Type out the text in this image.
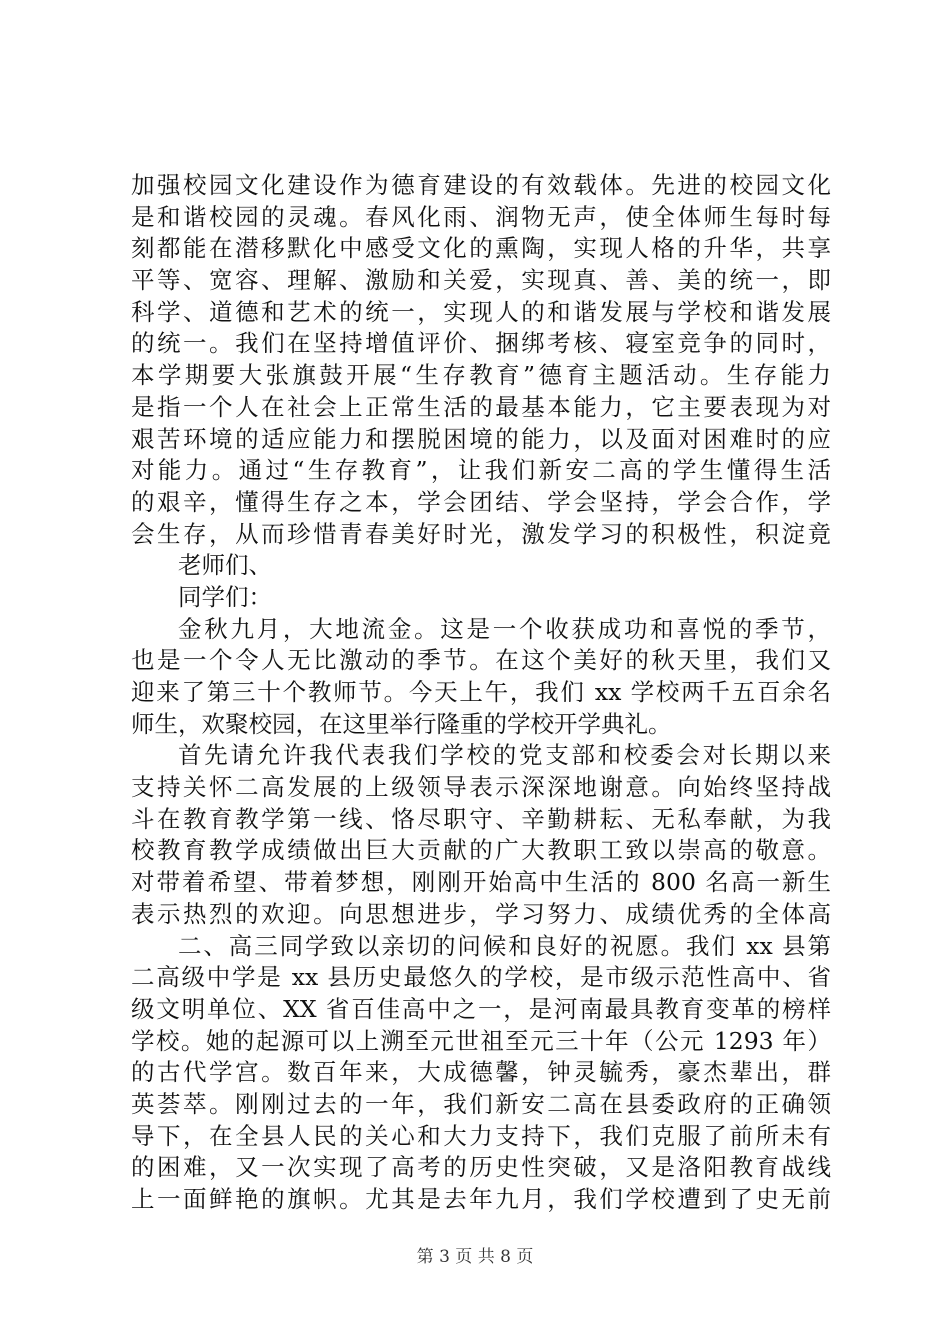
加强校园文化建设作为德育建设的有效载体。先进的校园文化
是和谐校园的灵魂。春风化雨、润物无声，使全体师生每时每
刻都能在潜移默化中感受文化的熏陶，实现人格的升华，共享
平等、宽容、理解、激励和关爱，实现真、善、美的统一，即
科学、道德和艺术的统一，实现人的和谐发展与学校和谐发展
的统一。我们在坚持增值评价、捆绑考核、寝室竞争的同时，
本学期要大张旗鼓开展“生存教育”德育主题活动。生存能力
是指一个人在社会上正常生活的最基本能力，它主要表现为对
艰苦环境的适应能力和摆脱困境的能力，以及面对困难时的应
对能力。通过“生存教育”，让我们新安二高的学生懂得生活
的艰辛，懂得生存之本，学会团结、学会坚持，学会合作，学
会生存，从而珍惜青春美好时光，激发学习的积极性，积淀竟
老师们、
同学们：
金秋九月，大地流金。这是一个收获成功和喜悦的季节，
也是一个令人无比激动的季节。在这个美好的秋天里，我们又
迎来了第三十个教师节。今天上午，我们 xx 学校两千五百余名
师生，欢聚校园，在这里举行隆重的学校开学典礼。
首先请允许我代表我们学校的党支部和校委会对长期以来
支持关怀二高发展的上级领导表示深深地谢意。向始终坚持战
斗在教育教学第一线、恪尽职守、辛勤耕耘、无私奉献，为我
校教育教学成绩做出巨大贡献的广大教职工致以崇高的敬意。
对带着希望、带着梦想，刚刚开始高中生活的 800 名高一新生
表示热烈的欢迎。向思想进步，学习努力、成绩优秀的全体高
二、高三同学致以亲切的问候和良好的祝愿。我们 xx 县第
二高级中学是 xx 县历史最悠久的学校，是市级示范性高中、省
级文明单位、XX 省百佳高中之一，是河南最具教育变革的榜样
学校。她的起源可以上溯至元世祖至元三十年（公元 1293 年）
的古代学宫。数百年来，大成德馨，钟灵毓秀，豪杰辈出，群
英荟萃。刚刚过去的一年，我们新安二高在县委政府的正确领
导下，在全县人民的关心和大力支持下，我们克服了前所未有
的困难，又一次实现了高考的历史性突破，又是洛阳教育战线
上一面鲜艳的旗帜。尤其是去年九月，我们学校遭到了史无前
第 3 页 共 8 页
